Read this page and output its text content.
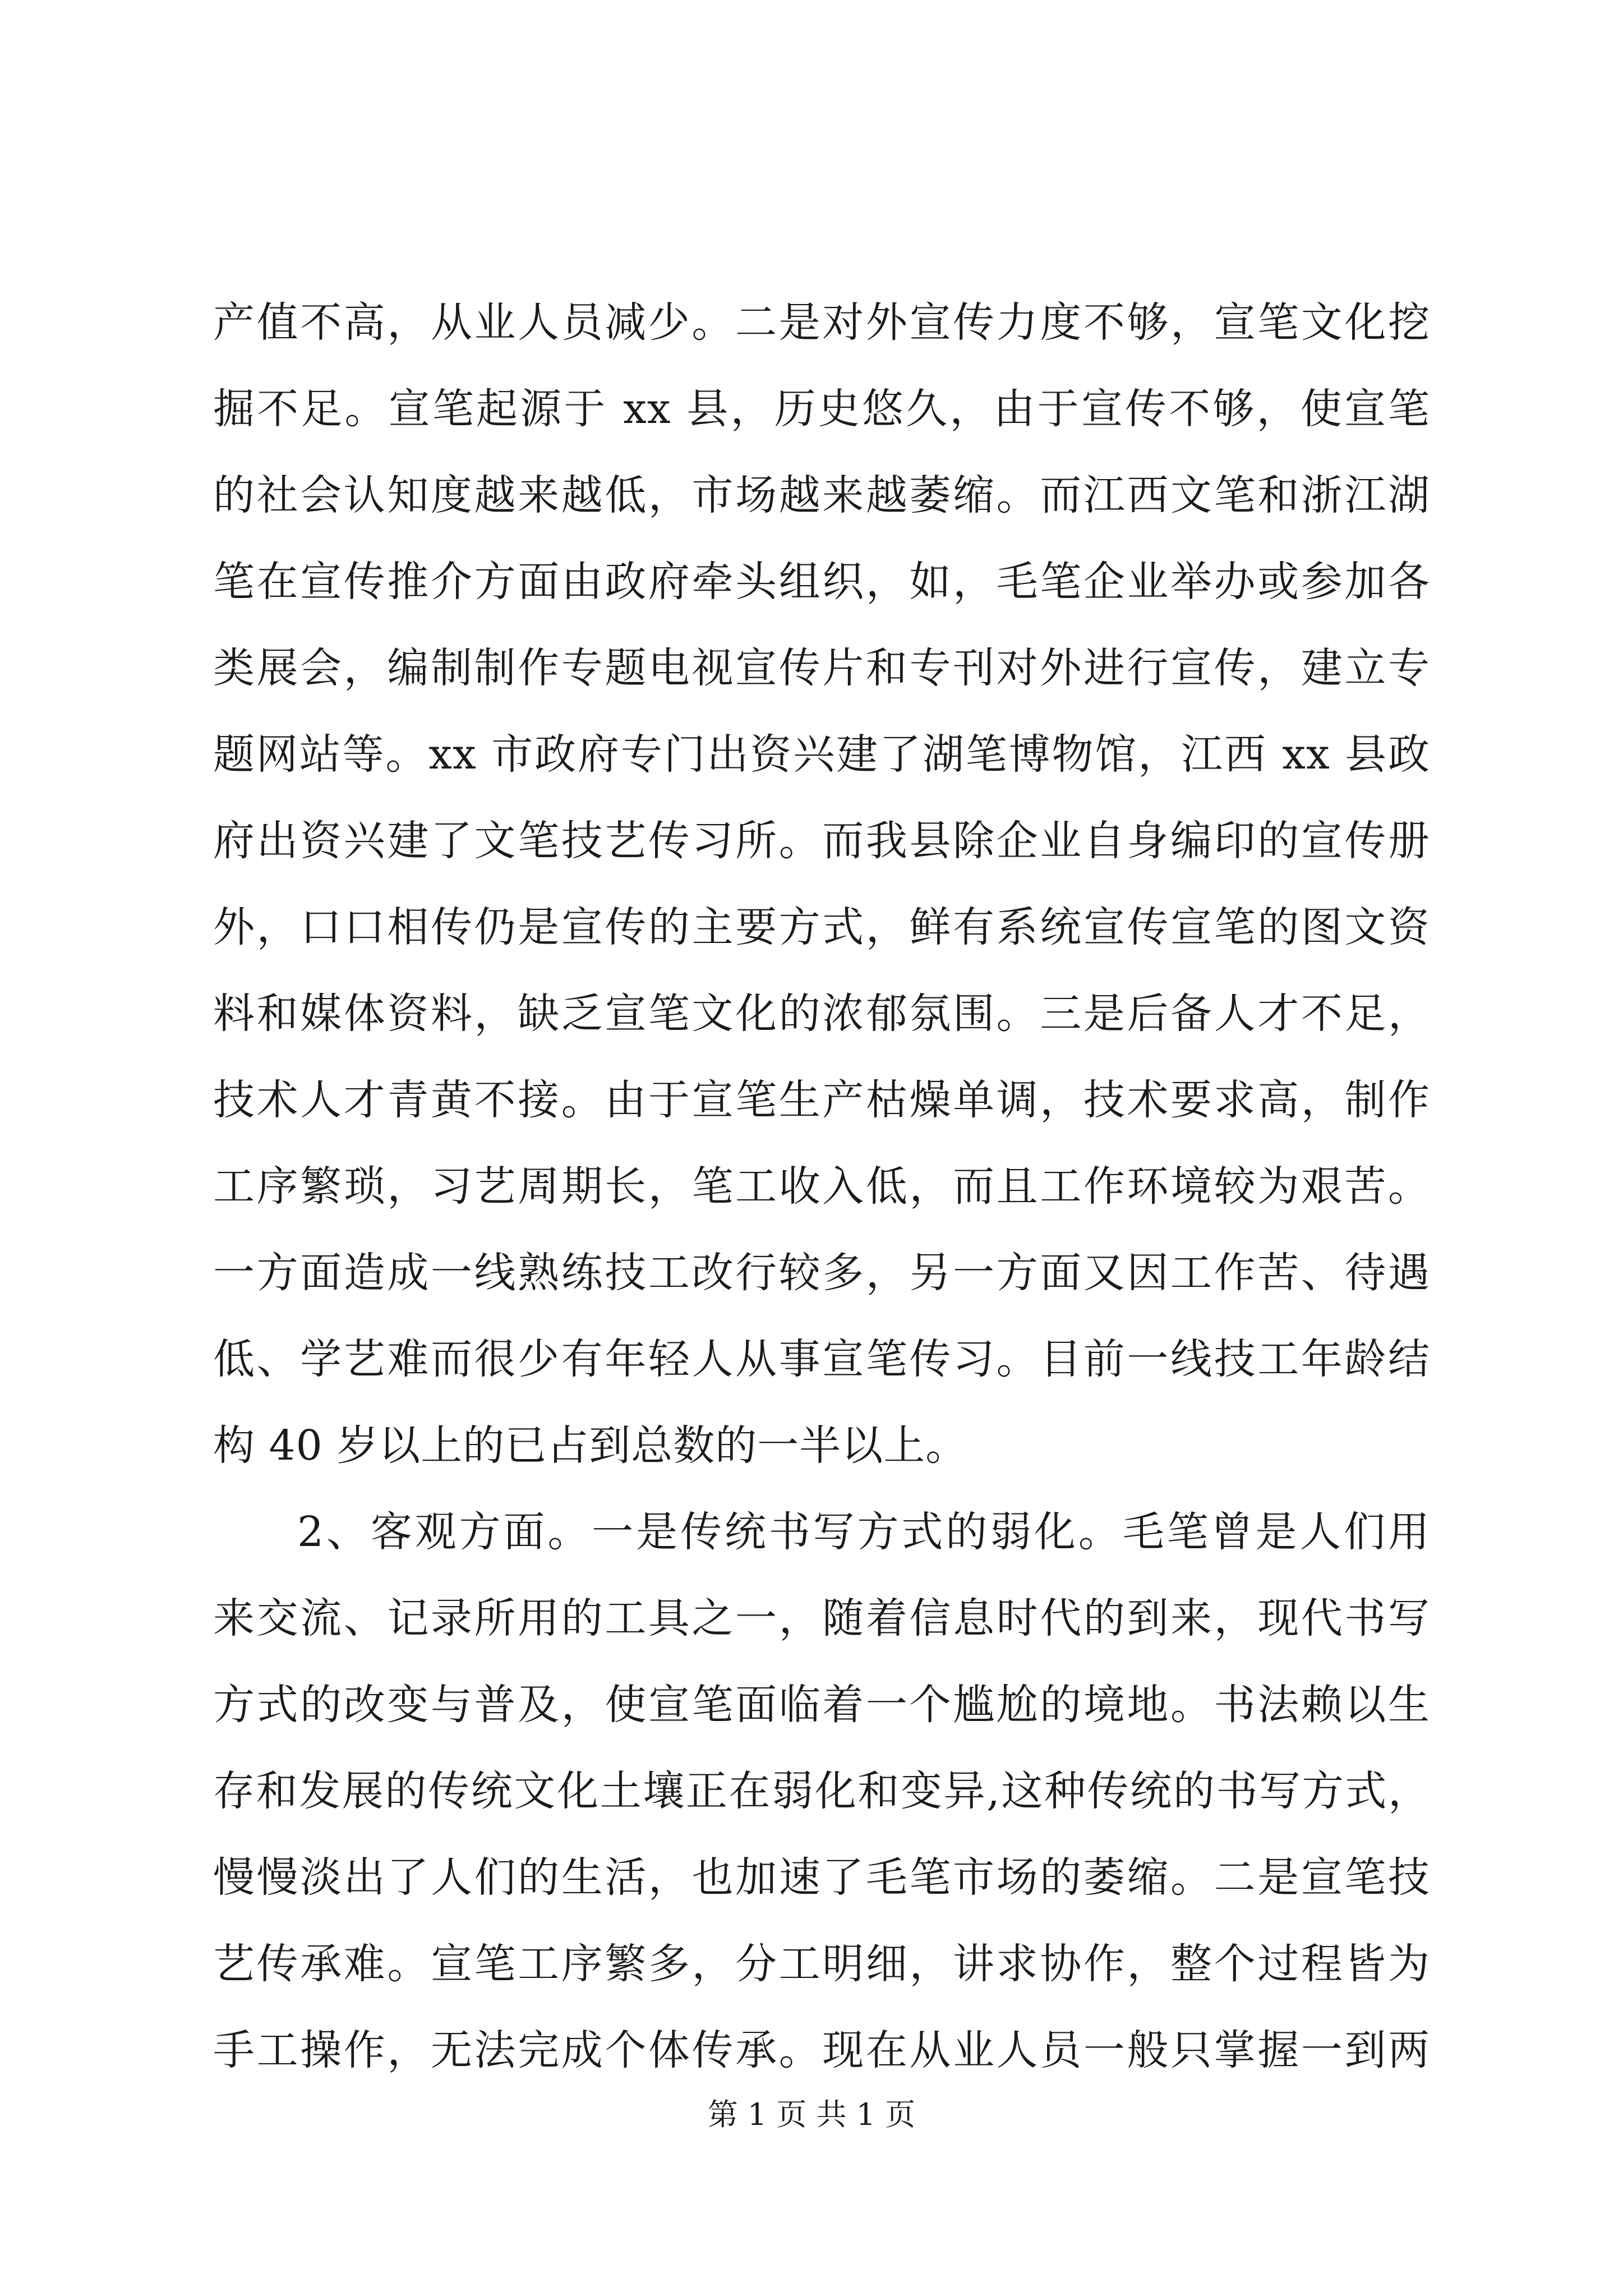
产值不高，从业人员减少。二是对外宣传力度不够，宣笔文化挖
掘不足。宣笔起源于 xx 县，历史悠久，由于宣传不够，使宣笔
的社会认知度越来越低，市场越来越萎缩。而江西文笔和浙江湖
笔在宣传推介方面由政府牵头组织，如，毛笔企业举办或参加各
类展会，编制制作专题电视宣传片和专刊对外进行宣传，建立专
题网站等。xx 市政府专门出资兴建了湖笔博物馆，江西 xx 县政
府出资兴建了文笔技艺传习所。而我县除企业自身编印的宣传册
外，口口相传仍是宣传的主要方式，鲜有系统宣传宣笔的图文资
料和媒体资料，缺乏宣笔文化的浓郁氛围。三是后备人才不足，
技术人才青黄不接。由于宣笔生产枯燥单调，技术要求高，制作
工序繁琐，习艺周期长，笔工收入低，而且工作环境较为艰苦。
一方面造成一线熟练技工改行较多，另一方面又因工作苦、待遇
低、学艺难而很少有年轻人从事宣笔传习。目前一线技工年龄结
构 40 岁以上的已占到总数的一半以上。
2、客观方面。一是传统书写方式的弱化。毛笔曾是人们用
来交流、记录所用的工具之一，随着信息时代的到来，现代书写
方式的改变与普及，使宣笔面临着一个尴尬的境地。书法赖以生
存和发展的传统文化土壤正在弱化和变异,这种传统的书写方式，
慢慢淡出了人们的生活，也加速了毛笔市场的萎缩。二是宣笔技
艺传承难。宣笔工序繁多，分工明细，讲求协作，整个过程皆为
手工操作，无法完成个体传承。现在从业人员一般只掌握一到两
第 1 页 共 1 页
